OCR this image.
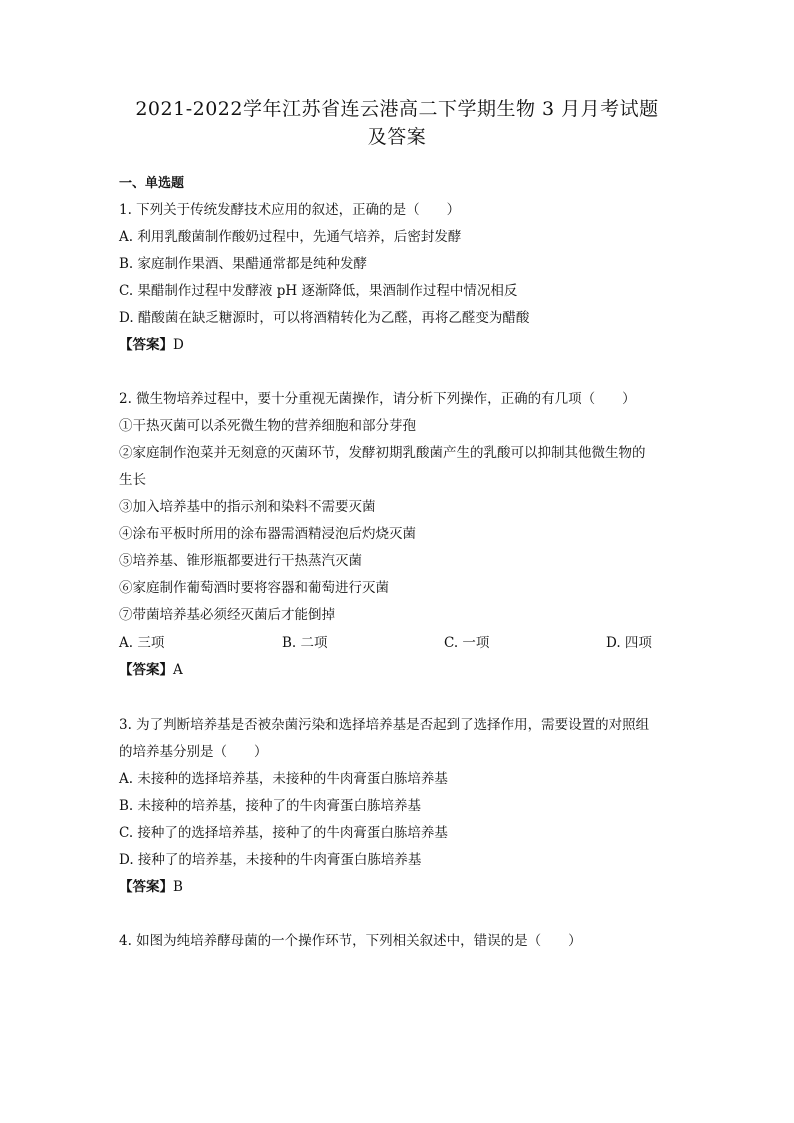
2021-2022学年江苏省连云港高二下学期生物 3 月月考试题
及答案
一、单选题
1. 下列关于传统发酵技术应用的叙述，正确的是（　　）
A. 利用乳酸菌制作酸奶过程中，先通气培养，后密封发酵
B. 家庭制作果酒、果醋通常都是纯种发酵
C. 果醋制作过程中发酵液 pH 逐渐降低，果酒制作过程中情况相反
D. 醋酸菌在缺乏糖源时，可以将酒精转化为乙醛，再将乙醛变为醋酸
【答案】D
2. 微生物培养过程中，要十分重视无菌操作，请分析下列操作，正确的有几项（　　）
①干热灭菌可以杀死微生物的营养细胞和部分芽孢
②家庭制作泡菜并无刻意的灭菌环节，发酵初期乳酸菌产生的乳酸可以抑制其他微生物的
生长
③加入培养基中的指示剂和染料不需要灭菌
④涂布平板时所用的涂布器需酒精浸泡后灼烧灭菌
⑤培养基、锥形瓶都要进行干热蒸汽灭菌
⑥家庭制作葡萄酒时要将容器和葡萄进行灭菌
⑦带菌培养基必须经灭菌后才能倒掉
A. 三项	B. 二项	C. 一项	D. 四项
【答案】A
3. 为了判断培养基是否被杂菌污染和选择培养基是否起到了选择作用，需要设置的对照组
的培养基分别是（　　）
A. 未接种的选择培养基，未接种的牛肉膏蛋白胨培养基
B. 未接种的培养基，接种了的牛肉膏蛋白胨培养基
C. 接种了的选择培养基，接种了的牛肉膏蛋白胨培养基
D. 接种了的培养基，未接种的牛肉膏蛋白胨培养基
【答案】B
4. 如图为纯培养酵母菌的一个操作环节，下列相关叙述中，错误的是（　　）
